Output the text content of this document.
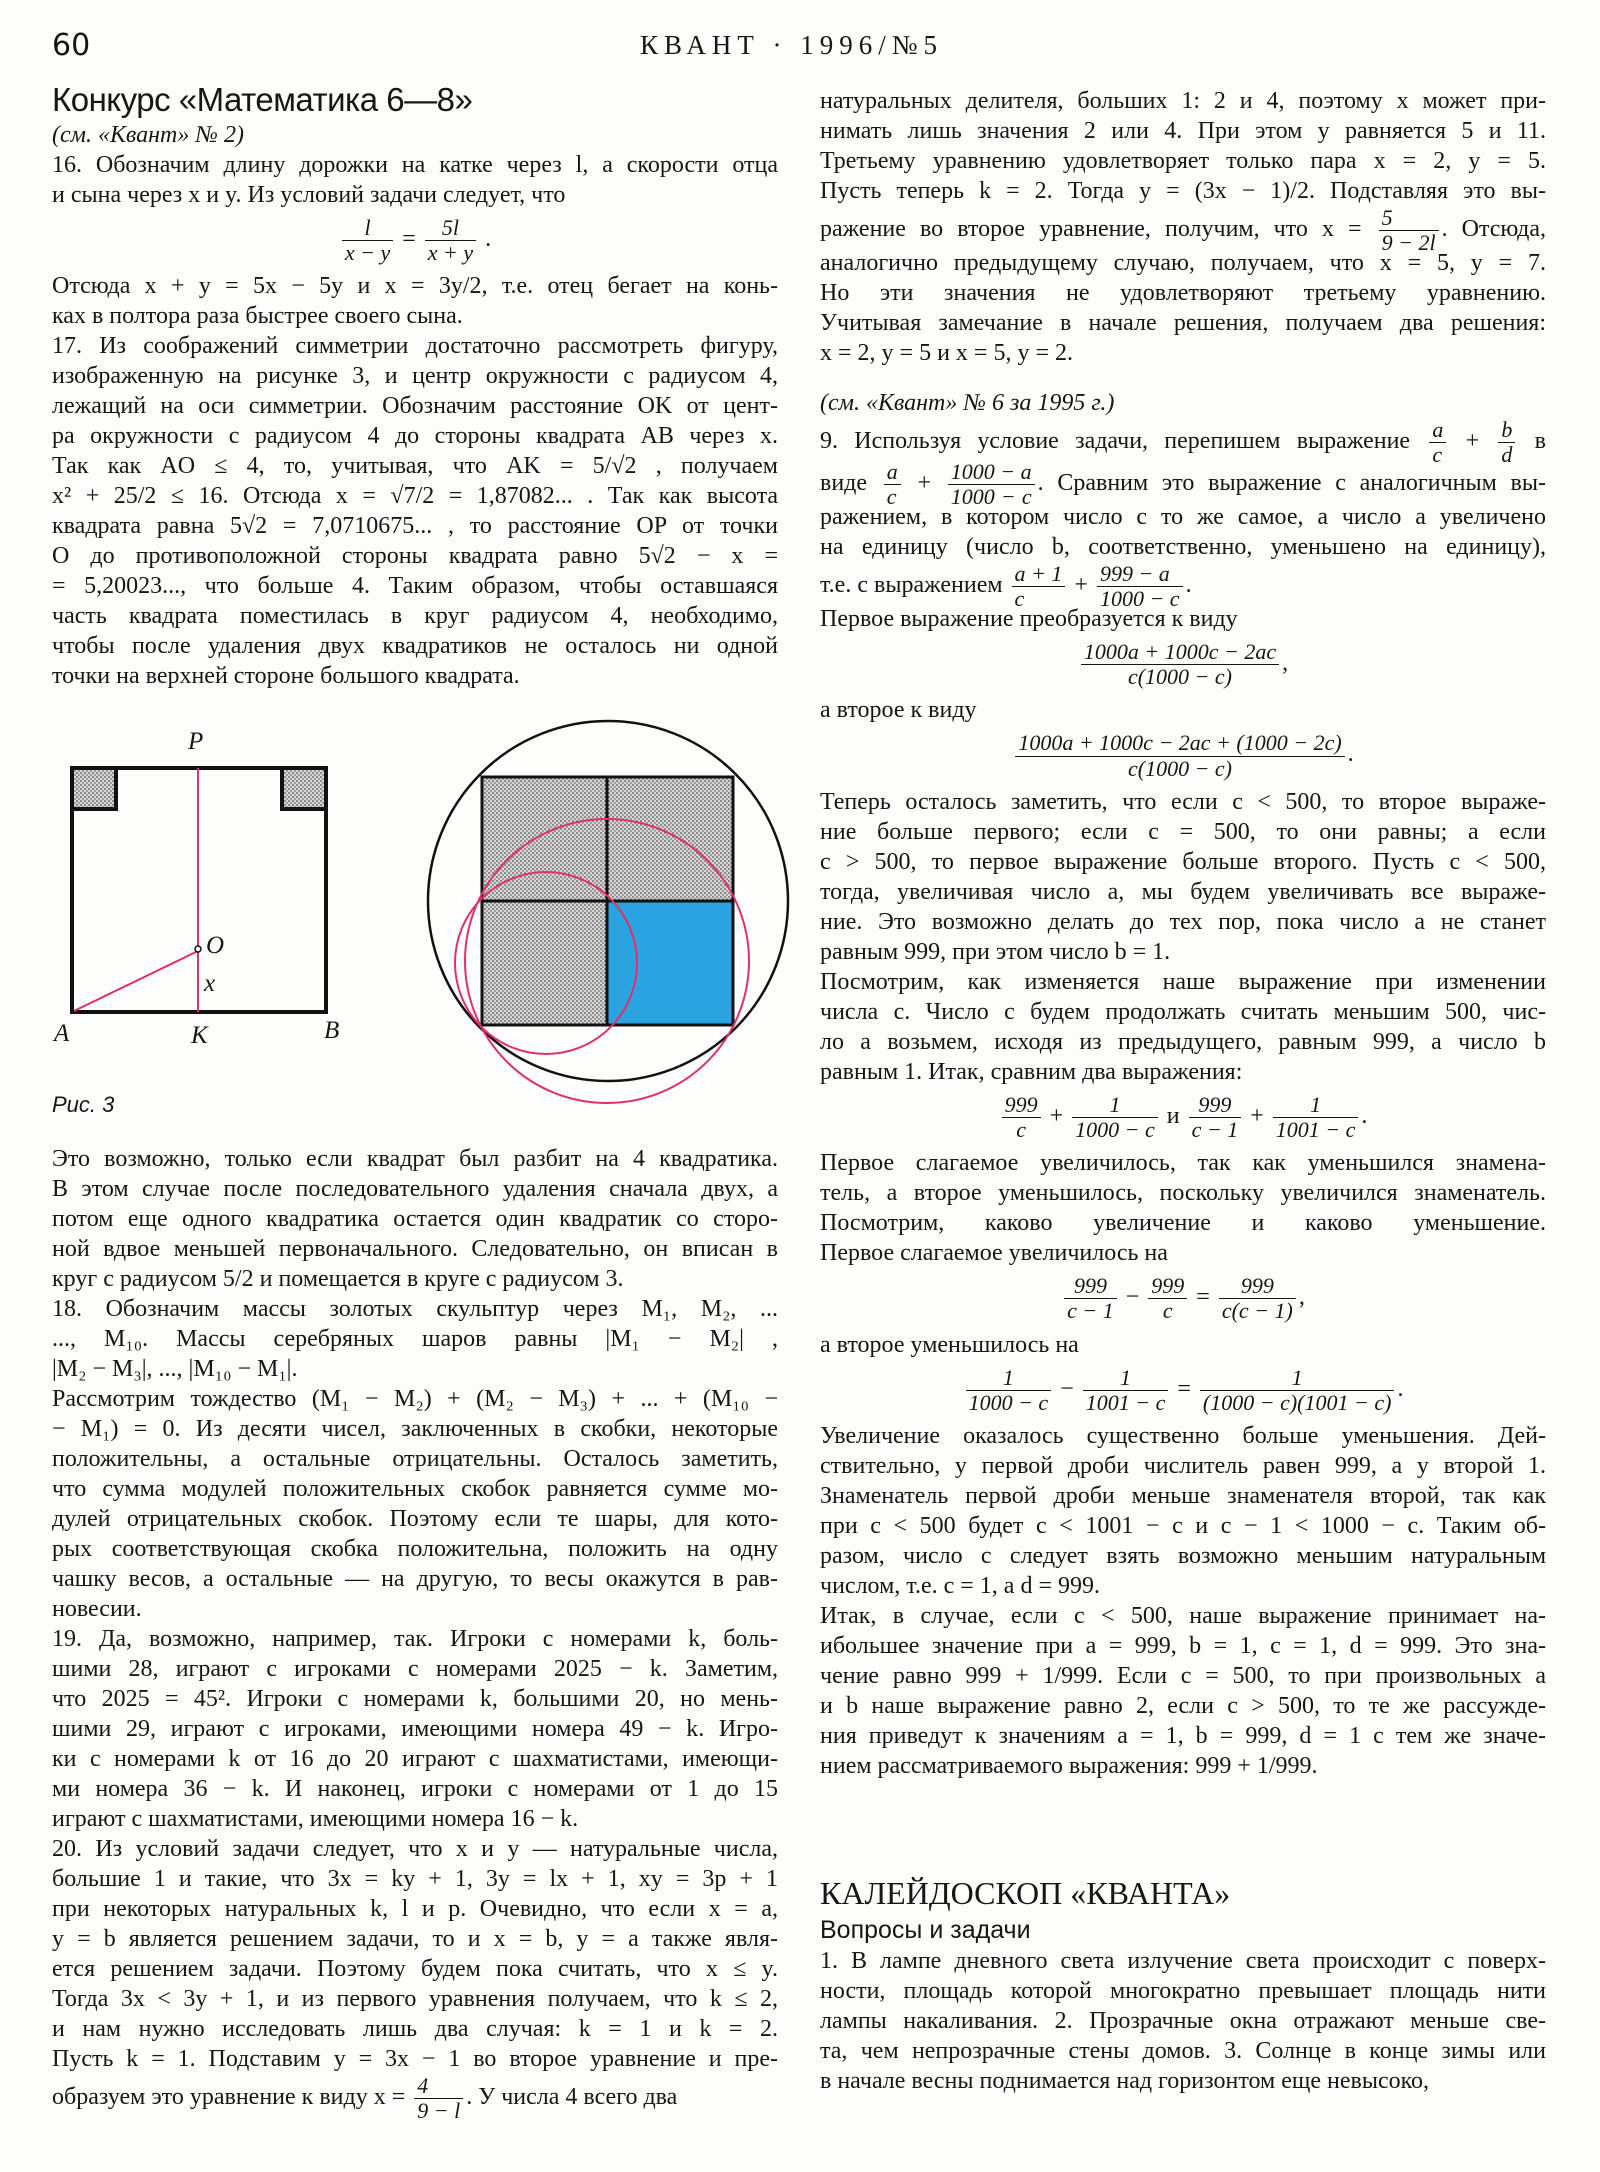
60	КВАНТ · 1996/№5
Конкурс «Математика 6—8»
(см. «Квант» № 2)
16. Обозначим длину дорожки на катке через l, а скорости отца
и сына через x и y. Из условий задачи следует, что
$\frac{l}{x - y} = \frac{5l}{x + y}$ .
Отсюда x + y = 5x − 5y и x = 3y/2, т.е. отец бегает на конь-
ках в полтора раза быстрее своего сына.
17. Из соображений симметрии достаточно рассмотреть фигуру,
изображенную на рисунке 3, и центр окружности с радиусом 4,
лежащий на оси симметрии. Обозначим расстояние OK от цент-
ра окружности с радиусом 4 до стороны квадрата AB через x.
Так как AO ≤ 4, то, учитывая, что AK = 5/√2 , получаем
x² + 25/2 ≤ 16. Отсюда x = √7/2 = 1,87082... . Так как высота
квадрата равна 5√2 = 7,0710675... , то расстояние OP от точки
O до противоположной стороны квадрата равно 5√2 − x =
= 5,20023..., что больше 4. Таким образом, чтобы оставшаяся
часть квадрата поместилась в круг радиусом 4, необходимо,
чтобы после удаления двух квадратиков не осталось ни одной
точки на верхней стороне большого квадрата.
P
O
x
A	K	B
Рис. 3
Это возможно, только если квадрат был разбит на 4 квадратика.
В этом случае после последовательного удаления сначала двух, а
потом еще одного квадратика остается один квадратик со сторо-
ной вдвое меньшей первоначального. Следовательно, он вписан в
круг с радиусом 5/2 и помещается в круге с радиусом 3.
18. Обозначим массы золотых скульптур через M₁, M₂, ...
..., M₁₀. Массы серебряных шаров равны |M₁ − M₂| ,
|M₂ − M₃|, ..., |M₁₀ − M₁|.
Рассмотрим тождество (M₁ − M₂) + (M₂ − M₃) + ... + (M₁₀ −
− M₁) = 0. Из десяти чисел, заключенных в скобки, некоторые
положительны, а остальные отрицательны. Осталось заметить,
что сумма модулей положительных скобок равняется сумме мо-
дулей отрицательных скобок. Поэтому если те шары, для кото-
рых соответствующая скобка положительна, положить на одну
чашку весов, а остальные — на другую, то весы окажутся в рав-
новесии.
19. Да, возможно, например, так. Игроки с номерами k, боль-
шими 28, играют с игроками с номерами 2025 − k. Заметим,
что 2025 = 45². Игроки с номерами k, большими 20, но мень-
шими 29, играют с игроками, имеющими номера 49 − k. Игро-
ки с номерами k от 16 до 20 играют с шахматистами, имеющи-
ми номера 36 − k. И наконец, игроки с номерами от 1 до 15
играют с шахматистами, имеющими номера 16 − k.
20. Из условий задачи следует, что x и y — натуральные числа,
большие 1 и такие, что 3x = ky + 1, 3y = lx + 1, xy = 3p + 1
при некоторых натуральных k, l и p. Очевидно, что если x = a,
y = b является решением задачи, то и x = b, y = a также явля-
ется решением задачи. Поэтому будем пока считать, что x ≤ y.
Тогда 3x < 3y + 1, и из первого уравнения получаем, что k ≤ 2,
и нам нужно исследовать лишь два случая: k = 1 и k = 2.
Пусть k = 1. Подставим y = 3x − 1 во второе уравнение и пре-
образуем это уравнение к виду $x = \frac{4}{9 - l}$ . У числа 4 всего два
натуральных делителя, больших 1: 2 и 4, поэтому x может при-
нимать лишь значения 2 или 4. При этом y равняется 5 и 11.
Третьему уравнению удовлетворяет только пара x = 2, y = 5.
Пусть теперь k = 2. Тогда y = (3x − 1)/2. Подставляя это вы-
ражение во второе уравнение, получим, что $x = \frac{5}{9 - 2l}$ . Отсюда,
аналогично предыдущему случаю, получаем, что x = 5, y = 7.
Но эти значения не удовлетворяют третьему уравнению.
Учитывая замечание в начале решения, получаем два решения:
x = 2, y = 5 и x = 5, y = 2.
(см. «Квант» № 6 за 1995 г.)
9. Используя условие задачи, перепишем выражение $\frac{a}{c} + \frac{b}{d}$ в
виде $\frac{a}{c} + \frac{1000 - a}{1000 - c}$ . Сравним это выражение с аналогичным вы-
ражением, в котором число c то же самое, а число a увеличено
на единицу (число b, соответственно, уменьшено на единицу),
т.е. с выражением $\frac{a + 1}{c} + \frac{999 - a}{1000 - c}$ .
Первое выражение преобразуется к виду
$\frac{1000a + 1000c - 2ac}{c(1000 - c)}$ ,
а второе к виду
$\frac{1000a + 1000c - 2ac + (1000 - 2c)}{c(1000 - c)}$ .
Теперь осталось заметить, что если c < 500, то второе выраже-
ние больше первого; если c = 500, то они равны; а если
c > 500, то первое выражение больше второго. Пусть c < 500,
тогда, увеличивая число a, мы будем увеличивать все выраже-
ние. Это возможно делать до тех пор, пока число a не станет
равным 999, при этом число b = 1.
Посмотрим, как изменяется наше выражение при изменении
числа c. Число c будем продолжать считать меньшим 500, чис-
ло a возьмем, исходя из предыдущего, равным 999, а число b
равным 1. Итак, сравним два выражения:
$\frac{999}{c} + \frac{1}{1000 - c}$ и $\frac{999}{c - 1} + \frac{1}{1001 - c}$ .
Первое слагаемое увеличилось, так как уменьшился знамена-
тель, а второе уменьшилось, поскольку увеличился знаменатель.
Посмотрим, каково увеличение и каково уменьшение.
Первое слагаемое увеличилось на
$\frac{999}{c - 1} - \frac{999}{c} = \frac{999}{c(c - 1)}$ ,
а второе уменьшилось на
$\frac{1}{1000 - c} - \frac{1}{1001 - c} = \frac{1}{(1000 - c)(1001 - c)}$ .
Увеличение оказалось существенно больше уменьшения. Дей-
ствительно, у первой дроби числитель равен 999, а у второй 1.
Знаменатель первой дроби меньше знаменателя второй, так как
при c < 500 будет c < 1001 − c и c − 1 < 1000 − c. Таким об-
разом, число c следует взять возможно меньшим натуральным
числом, т.е. c = 1, а d = 999.
Итак, в случае, если c < 500, наше выражение принимает на-
ибольшее значение при a = 999, b = 1, c = 1, d = 999. Это зна-
чение равно 999 + 1/999. Если c = 500, то при произвольных a
и b наше выражение равно 2, если c > 500, то те же рассужде-
ния приведут к значениям a = 1, b = 999, d = 1 с тем же значе-
нием рассматриваемого выражения: 999 + 1/999.
КАЛЕЙДОСКОП «КВАНТА»
Вопросы и задачи
1. В лампе дневного света излучение света происходит с поверх-
ности, площадь которой многократно превышает площадь нити
лампы накаливания. 2. Прозрачные окна отражают меньше све-
та, чем непрозрачные стены домов. 3. Солнце в конце зимы или
в начале весны поднимается над горизонтом еще невысоко,
